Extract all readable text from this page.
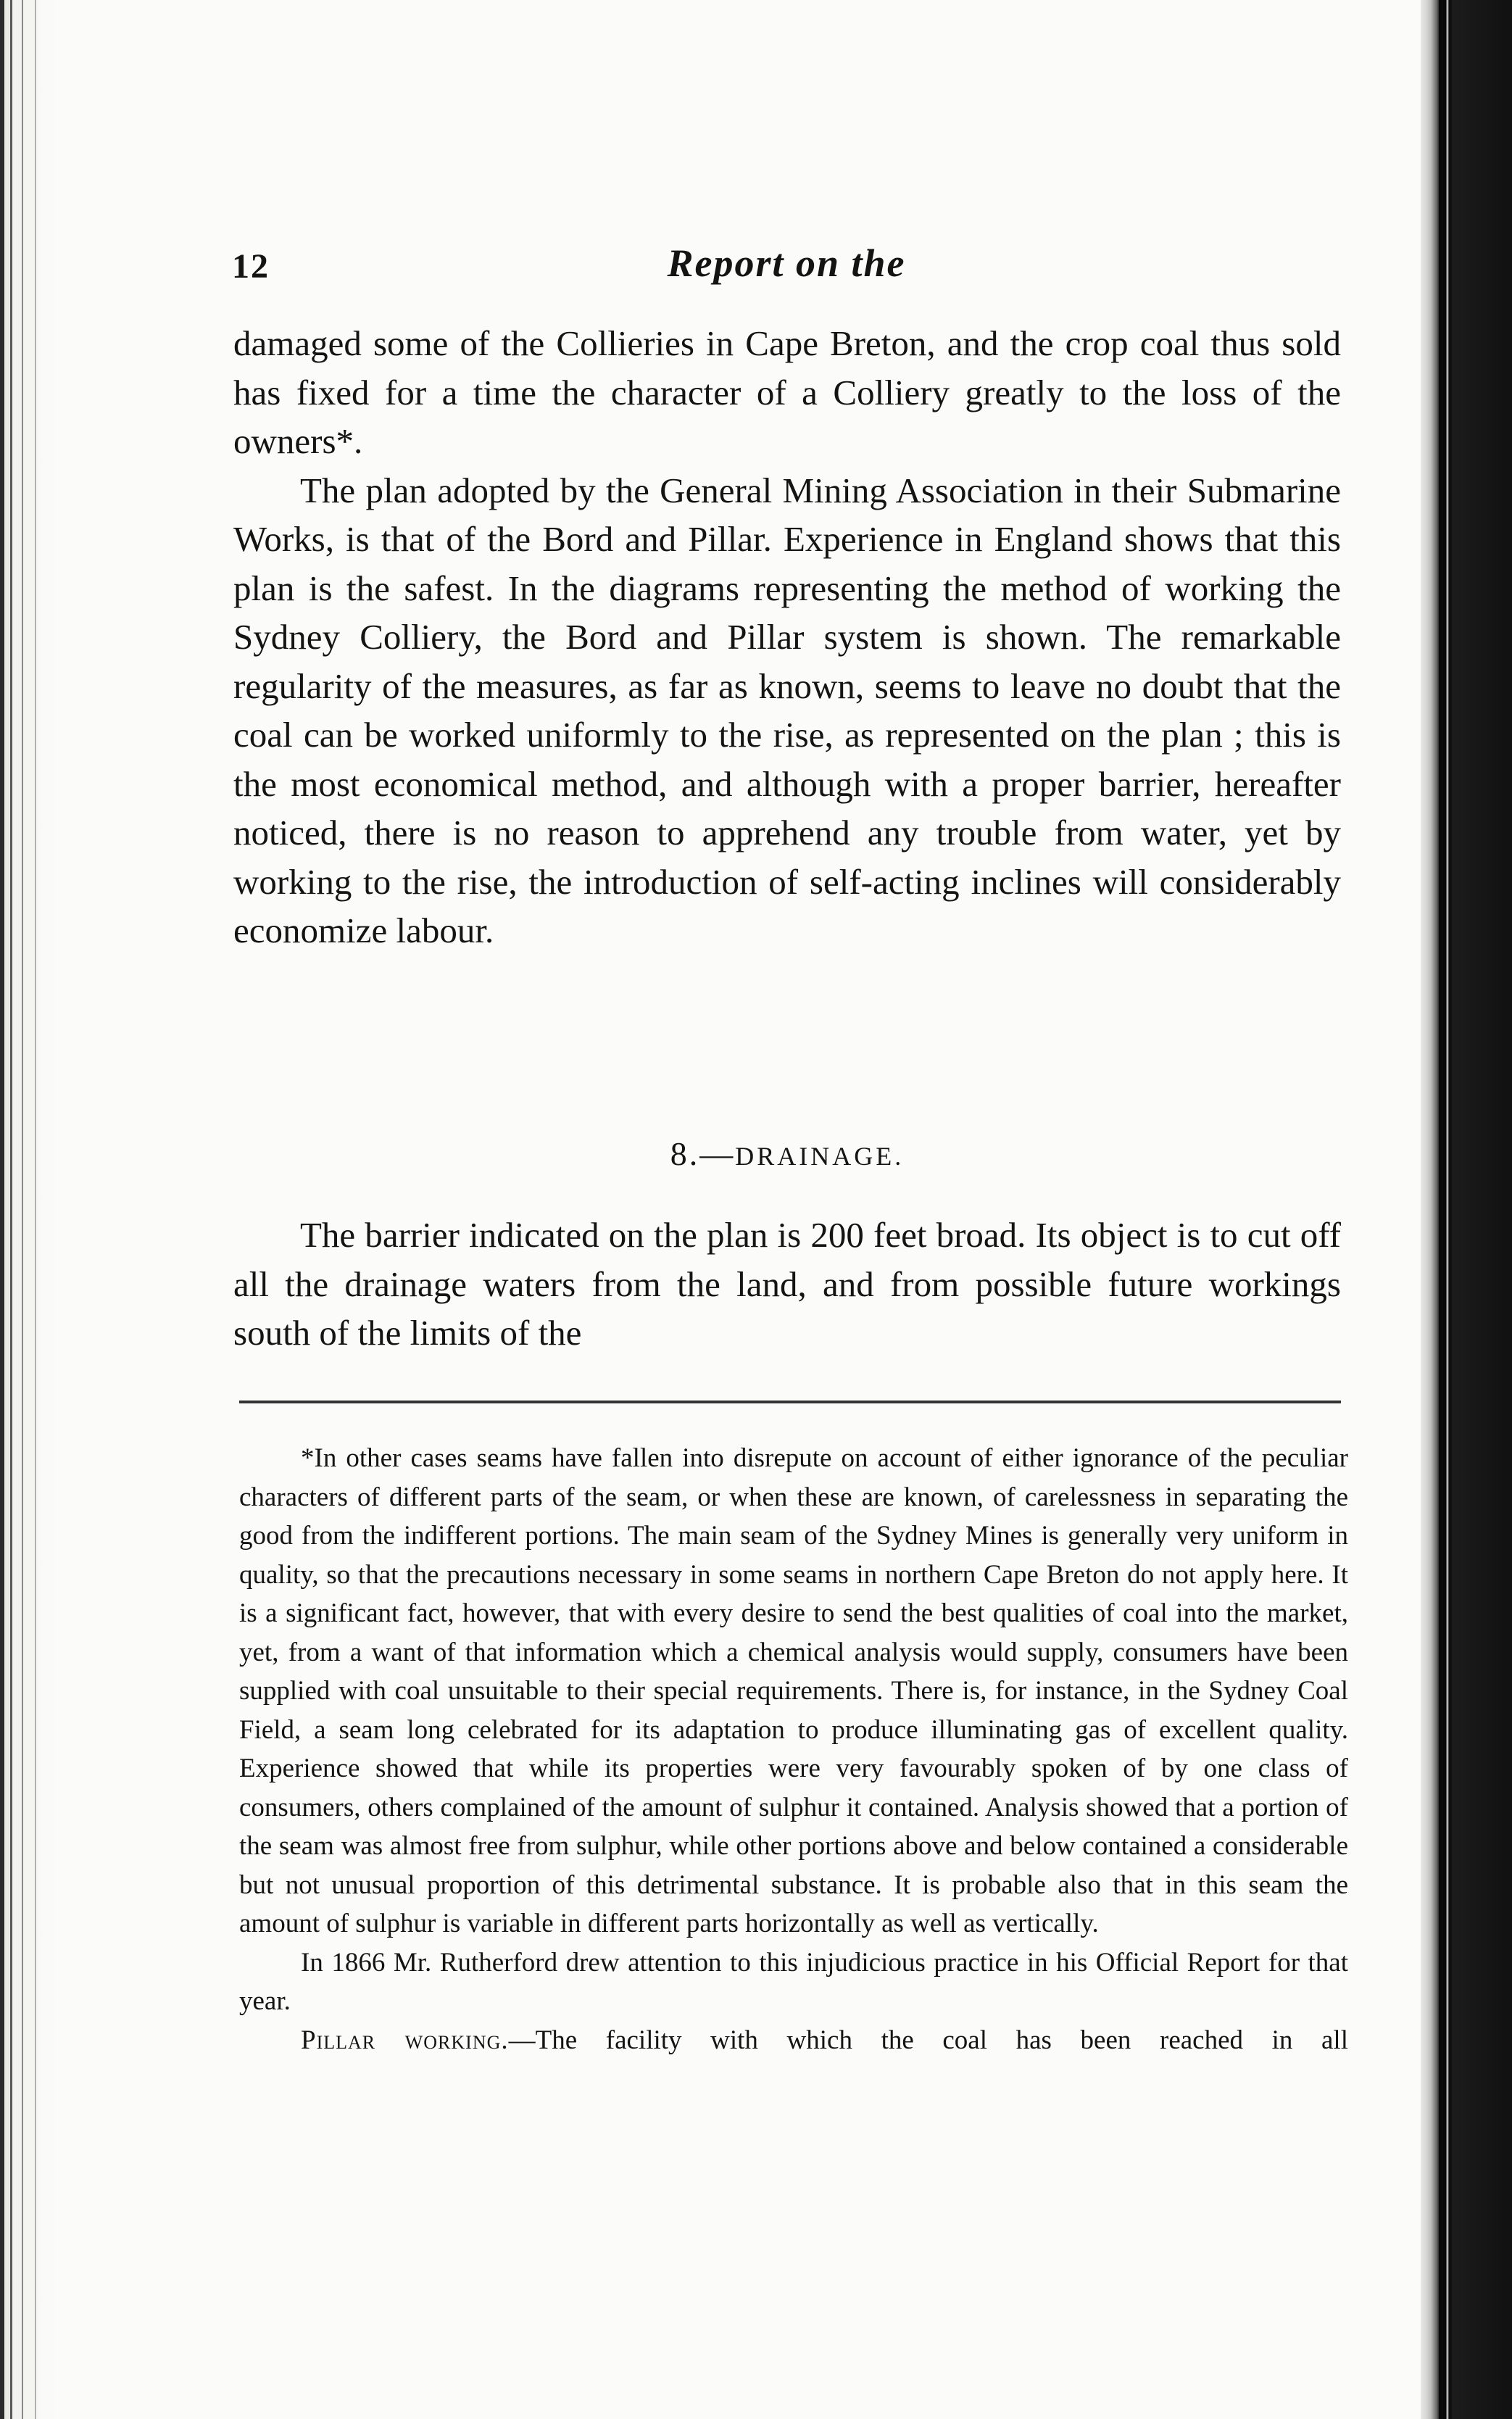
12	Report on the

damaged some of the Collieries in Cape Breton, and the crop coal thus sold has fixed for a time the character of a Colliery greatly to the loss of the owners*.

The plan adopted by the General Mining Association in their Submarine Works, is that of the Bord and Pillar. Experience in England shows that this plan is the safest. In the diagrams representing the method of working the Sydney Colliery, the Bord and Pillar system is shown. The remarkable regularity of the measures, as far as known, seems to leave no doubt that the coal can be worked uniformly to the rise, as represented on the plan ; this is the most economical method, and although with a proper barrier, hereafter noticed, there is no reason to apprehend any trouble from water, yet by working to the rise, the introduction of self-acting inclines will considerably economize labour.

8.—DRAINAGE.

The barrier indicated on the plan is 200 feet broad. Its object is to cut off all the drainage waters from the land, and from possible future workings south of the limits of the

*In other cases seams have fallen into disrepute on account of either ignorance of the peculiar characters of different parts of the seam, or when these are known, of carelessness in separating the good from the indifferent portions. The main seam of the Sydney Mines is generally very uniform in quality, so that the precautions necessary in some seams in northern Cape Breton do not apply here. It is a significant fact, however, that with every desire to send the best qualities of coal into the market, yet, from a want of that information which a chemical analysis would supply, consumers have been supplied with coal unsuitable to their special requirements. There is, for instance, in the Sydney Coal Field, a seam long celebrated for its adaptation to produce illuminating gas of excellent quality. Experience showed that while its properties were very favourably spoken of by one class of consumers, others complained of the amount of sulphur it contained. Analysis showed that a portion of the seam was almost free from sulphur, while other portions above and below contained a considerable but not unusual proportion of this detrimental substance. It is probable also that in this seam the amount of sulphur is variable in different parts horizontally as well as vertically.

In 1866 Mr. Rutherford drew attention to this injudicious practice in his Official Report for that year.

Pillar working.—The facility with which the coal has been reached in all
